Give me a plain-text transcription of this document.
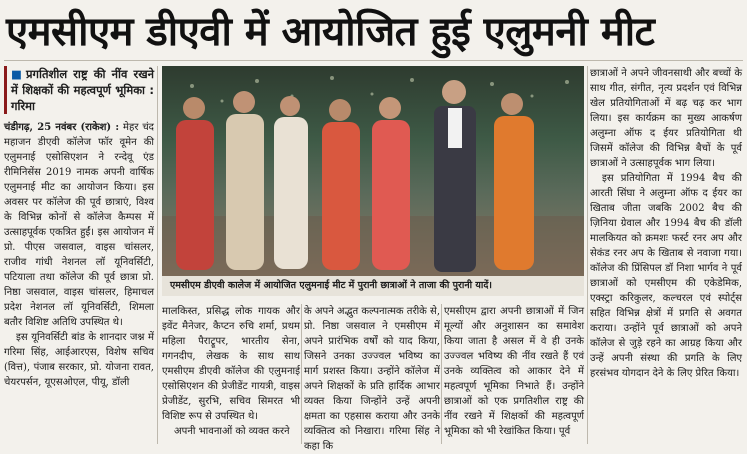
एमसीएम डीएवी में आयोजित हुई एलुमनी मीट
■ प्रगतिशील राष्ट्र की नींव रखने में शिक्षकों की महत्वपूर्ण भूमिका : गरिमा

चंडीगढ़, 25 नवंबर (राकेश) : मेहर चंद महाजन डीएवी कॉलेज फॉर वूमेन की एलुमनाई एसोसिएशन ने रन्देवू एंड रीमिनिसेंस 2019 नामक अपनी वार्षिक एलुमनाई मीट का आयोजन किया। इस अवसर पर कॉलेज की पूर्व छात्राएं, विश्व के विभिन्न कोनों से कॉलेज कैम्पस में उत्साहपूर्वक एकत्रित हुईं। इस आयोजन में प्रो. पीएस जसवाल, वाइस चांसलर, राजीव गांधी नेशनल लॉ यूनिवर्सिटी, पटियाला तथा कॉलेज की पूर्व छात्रा प्रो. निष्ठा जसवाल, वाइस चांसलर, हिमाचल प्रदेश नेशनल लॉ यूनिवर्सिटी, शिमला बतौर विशिष्ट अतिथि उपस्थित थे।

इस यूनिवर्सिटी बांड के शानदार जश्न में गरिमा सिंह, आईआरएस, विशेष सचिव (वित्त), पंजाब सरकार, प्रो. योजना रावत, चेयरपर्सन, यूएसओएल, पीयू, डॉली

एमसीएम डीएवी कालेज में आयोजित एलुमनाई मीट में पुरानी छात्राओं ने ताजा की पुरानी यादें।

मालकिस्त, प्रसिद्ध लोक गायक और इवेंट मैनेजर, कैप्टन रुचि शर्मा, प्रथम महिला पैराट्रूपर, भारतीय सेना, गगनदीप, लेखक के साथ साथ एमसीएम डीएवी कॉलेज की एलुमनाई एसोसिएशन की प्रेजीडेंट गायत्री, वाइस प्रेजीडेंट, सुरभि, सचिव सिमरत भी विशिष्ट रूप से उपस्थित थे।

अपनी भावनाओं को व्यक्त करने

के अपने अद्भुत कल्पनात्मक तरीके से, प्रो. निष्ठा जसवाल ने एमसीएम में अपने प्रारंभिक वर्षों को याद किया, जिसने उनका उज्ज्वल भविष्य का मार्ग प्रशस्त किया। उन्होंने कॉलेज में अपने शिक्षकों के प्रति हार्दिक आभार व्यक्त किया जिन्होंने उन्हें अपनी क्षमता का एहसास कराया और उनके व्यक्तित्व को निखारा। गरिमा सिंह ने कहा कि

एमसीएम द्वारा अपनी छात्राओं में जिन मूल्यों और अनुशासन का समावेश किया जाता है असल में वे ही उनके उज्ज्वल भविष्य की नींव रखते हैं एवं उनके व्यक्तित्व को आकार देने में महत्वपूर्ण भूमिका निभाते हैं। उन्होंने छात्राओं को एक प्रगतिशील राष्ट्र की नींव रखने में शिक्षकों की महत्वपूर्ण भूमिका को भी रेखांकित किया। पूर्व

छात्राओं ने अपने जीवनसाथी और बच्चों के साथ गीत, संगीत, नृत्य प्रदर्शन एवं विभिन्न खेल प्रतियोगिताओं में बढ़ चढ़ कर भाग लिया। इस कार्यक्रम का मुख्य आकर्षण अलुम्ना ऑफ द ईयर प्रतियोगिता थी जिसमें कॉलेज की विभिन्न बैचों के पूर्व छात्राओं ने उत्साहपूर्वक भाग लिया।

इस प्रतियोगिता में 1994 बैच की आरती सिंघा ने अलुम्ना ऑफ द ईयर का खिताब जीता जबकि 2002 बैच की ज़िनिया ग्रेवाल और 1994 बैच की डॉली मालकियत को क्रमशः फर्स्ट रनर अप और सेकंड रनर अप के खिताब से नवाजा गया। कॉलेज की प्रिंसिपल डॉ निशा भार्गव ने पूर्व छात्राओं को एमसीएम की एकेडेमिक, एक्स्ट्रा करिकुलर, कल्चरल एवं स्पोर्ट्स सहित विभिन्न क्षेत्रों में प्रगति से अवगत कराया। उन्होंने पूर्व छात्राओं को अपने कॉलेज से जुड़े रहने का आग्रह किया और उन्हें अपनी संस्था की प्रगति के लिए हरसंभव योगदान देने के लिए प्रेरित किया।
